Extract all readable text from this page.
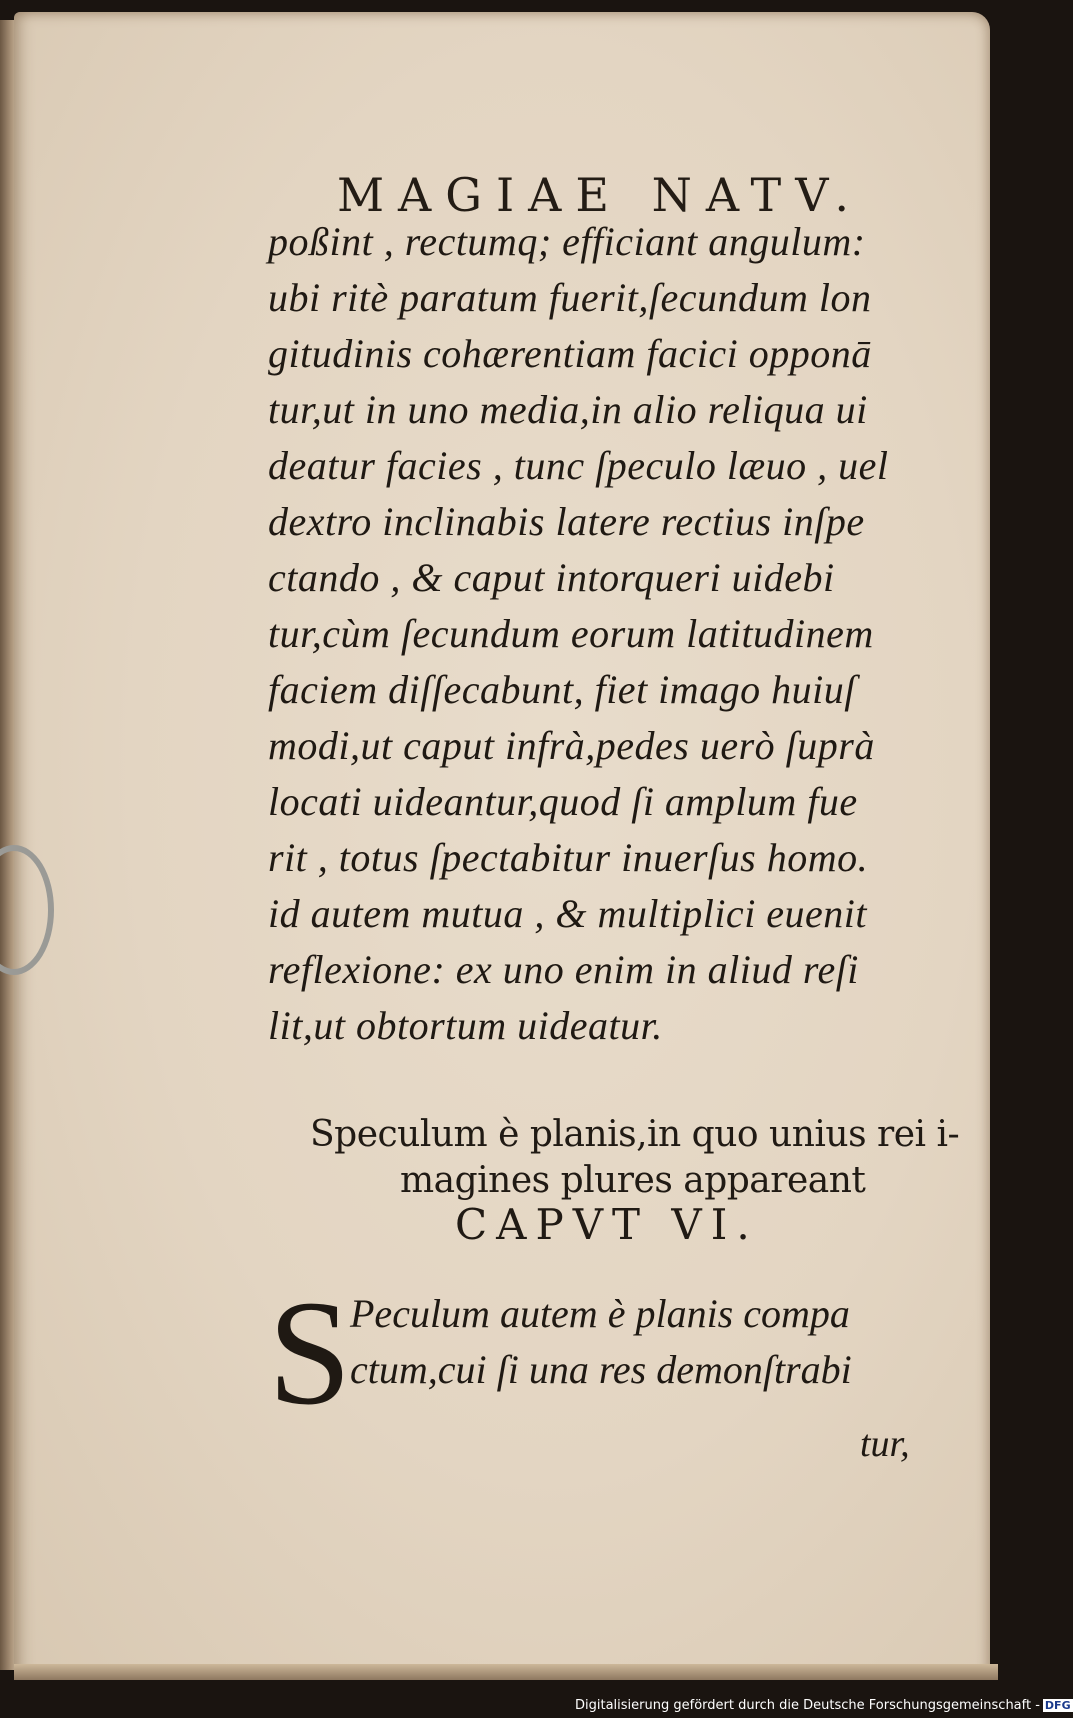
MAGIAE NATV.
poßint , rectumq; efficiant angulum:
ubi ritè paratum fuerit,ſecundum lon
gitudinis cohærentiam facici opponā
tur,ut in uno media,in alio reliqua ui
deatur facies , tunc ſpeculo læuo , uel
dextro inclinabis latere rectius inſpe
ctando , & caput intorqueri uidebi
tur,cùm ſecundum eorum latitudinem
faciem diſſecabunt, fiet imago huiuſ
modi,ut caput infrà,pedes uerò ſuprà
locati uideantur,quod ſi amplum fue
rit , totus ſpectabitur inuerſus homo.
id autem mutua , & multiplici euenit
reflexione: ex uno enim in aliud reſi
lit,ut obtortum uideatur.
Speculum è planis,in quo unius rei i-
magines plures appareant
CAPVT VI.
S
Peculum autem è planis compa
ctum,cui ſi una res demonſtrabi
tur,
Digitalisierung gefördert durch die Deutsche Forschungsgemeinschaft - DFG
